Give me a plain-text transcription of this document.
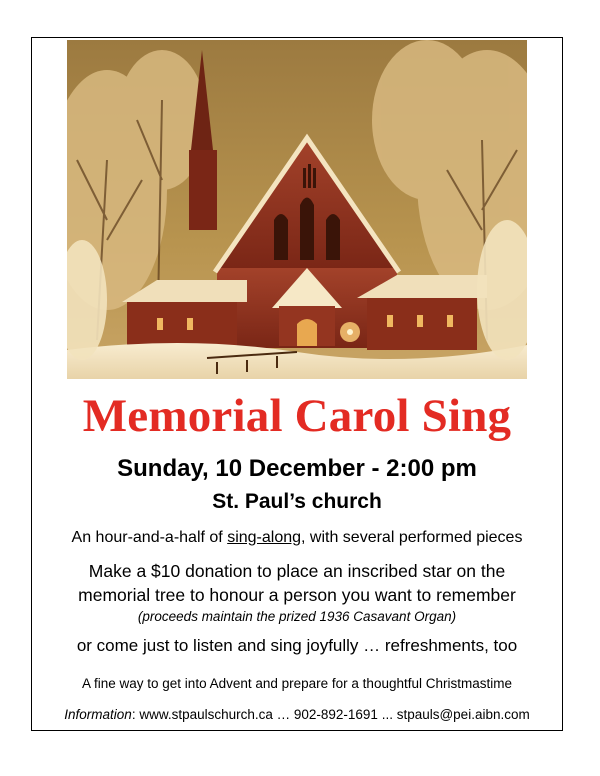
Memorial Carol Sing
Sunday, 10 December - 2:00 pm
St. Paul’s church
An hour-and-a-half of sing-along, with several performed pieces
Make a $10 donation to place an inscribed star on the
memorial tree to honour a person you want to remember
(proceeds maintain the prized 1936 Casavant Organ)
or come just to listen and sing joyfully … refreshments, too
A fine way to get into Advent and prepare for a thoughtful Christmastime
Information: www.stpaulschurch.ca … 902-892-1691 ... stpauls@pei.aibn.com
